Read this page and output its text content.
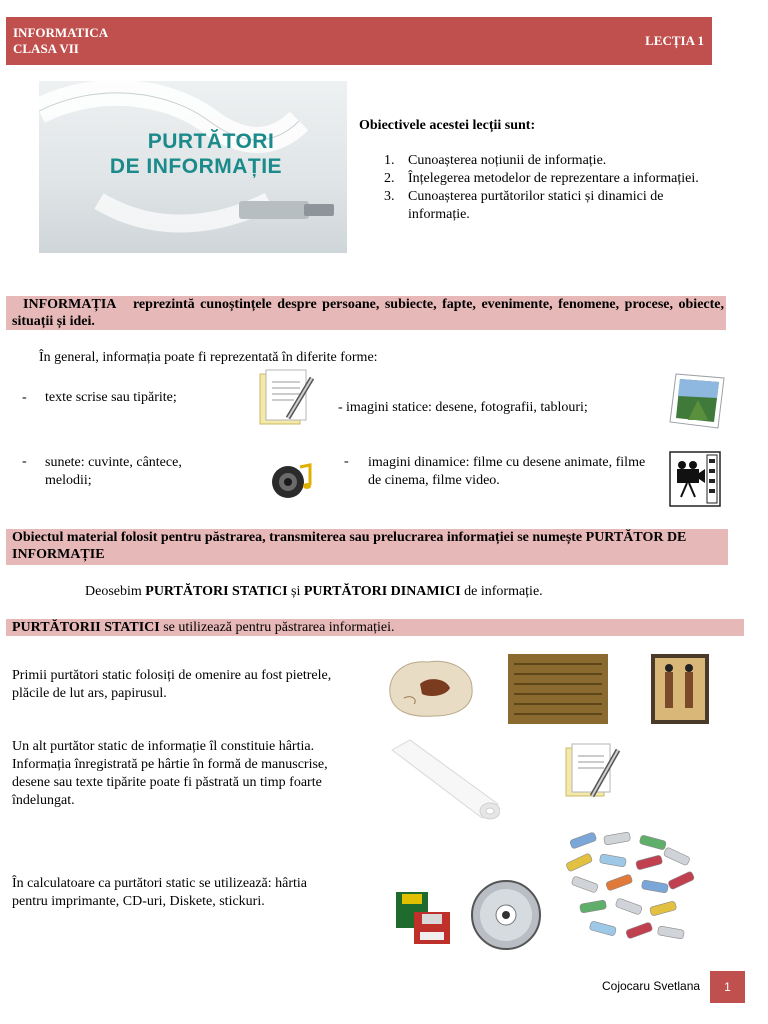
INFORMATICA
CLASA VII
LECȚIA 1
PURTĂTORI
DE INFORMAȚIE
Obiectivele acestei lecții sunt:
1. Cunoașterea noțiunii de informație.
2. Înțelegerea metodelor de reprezentare a informației.
3. Cunoașterea purtătorilor statici și dinamici de informație.
INFORMAȚIA reprezintă cunoștințele despre persoane, subiecte, fapte, evenimente, fenomene, procese, obiecte, situații și idei.
În general, informația poate fi reprezentată în diferite forme:
- texte scrise sau tipărite;
- imagini statice: desene, fotografii, tablouri;
- sunete: cuvinte, cântece, melodii;
- imagini dinamice: filme cu desene animate, filme de cinema, filme video.
Obiectul material folosit pentru păstrarea, transmiterea sau prelucrarea informației se numește PURTĂTOR DE INFORMAȚIE
Deosebim PURTĂTORI STATICI și PURTĂTORI DINAMICI de informație.
PURTĂTORII STATICI se utilizează pentru păstrarea informației.
Primii purtători static folosiți de omenire au fost pietrele, plăcile de lut ars, papirusul.
Un alt purtător static de informație îl constituie hârtia. Informația înregistrată pe hârtie în formă de manuscrise, desene sau texte tipărite poate fi păstrată un timp foarte îndelungat.
În calculatoare ca purtători static se utilizează: hârtia pentru imprimante, CD-uri, Diskete, stickuri.
Cojocaru Svetlana	1
